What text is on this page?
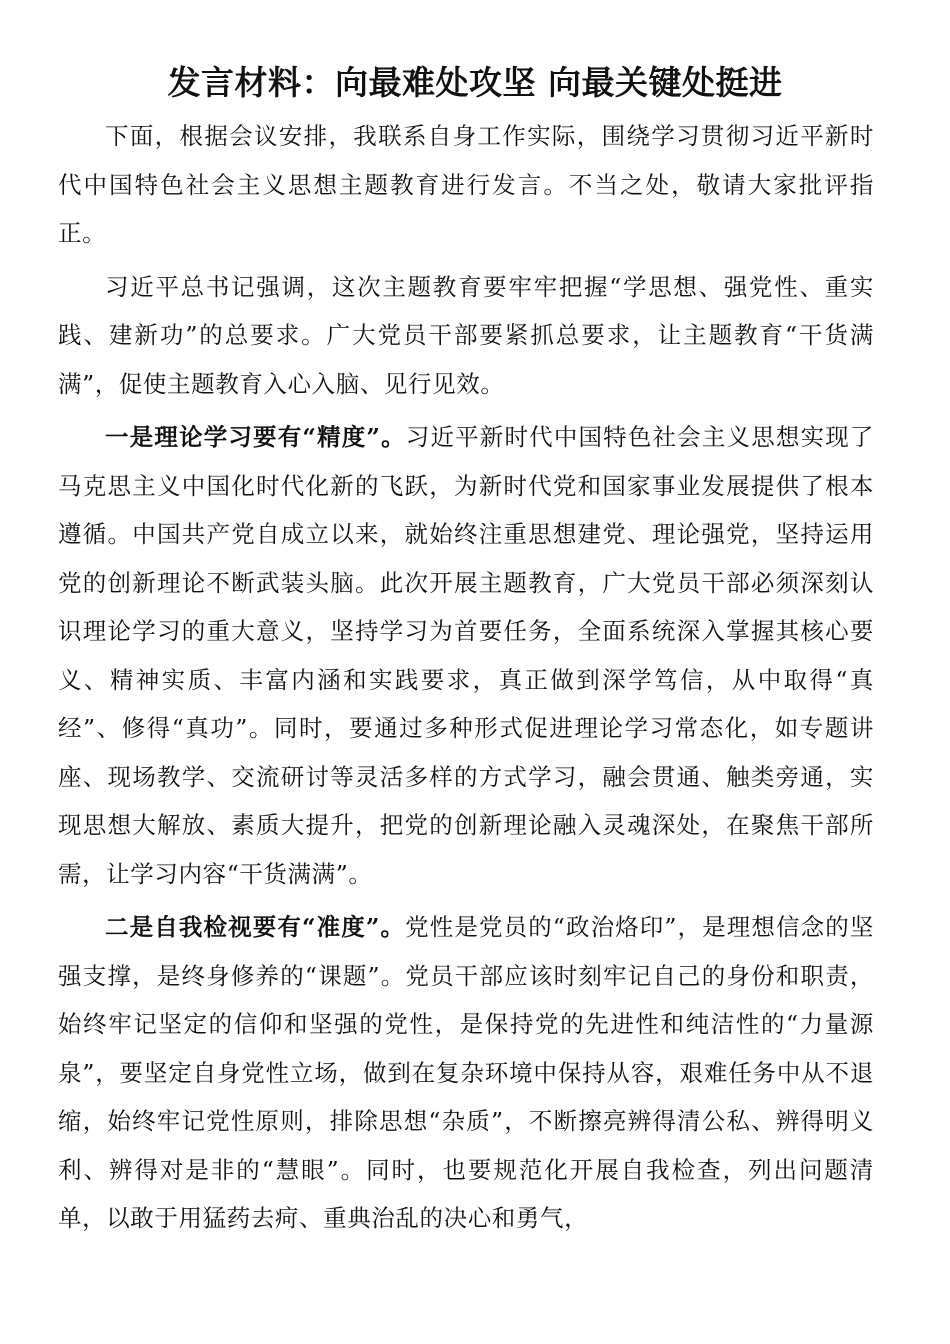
发言材料：向最难处攻坚 向最关键处挺进

下面，根据会议安排，我联系自身工作实际，围绕学习贯彻习近平新时代中国特色社会主义思想主题教育进行发言。不当之处，敬请大家批评指正。

习近平总书记强调，这次主题教育要牢牢把握“学思想、强党性、重实践、建新功”的总要求。广大党员干部要紧抓总要求，让主题教育“干货满满”，促使主题教育入心入脑、见行见效。

一是理论学习要有“精度”。习近平新时代中国特色社会主义思想实现了马克思主义中国化时代化新的飞跃，为新时代党和国家事业发展提供了根本遵循。中国共产党自成立以来，就始终注重思想建党、理论强党，坚持运用党的创新理论不断武装头脑。此次开展主题教育，广大党员干部必须深刻认识理论学习的重大意义，坚持学习为首要任务，全面系统深入掌握其核心要义、精神实质、丰富内涵和实践要求，真正做到深学笃信，从中取得“真经”、修得“真功”。同时，要通过多种形式促进理论学习常态化，如专题讲座、现场教学、交流研讨等灵活多样的方式学习，融会贯通、触类旁通，实现思想大解放、素质大提升，把党的创新理论融入灵魂深处，在聚焦干部所需，让学习内容“干货满满”。

二是自我检视要有“准度”。党性是党员的“政治烙印”，是理想信念的坚强支撑，是终身修养的“课题”。党员干部应该时刻牢记自己的身份和职责，始终牢记坚定的信仰和坚强的党性，是保持党的先进性和纯洁性的“力量源泉”，要坚定自身党性立场，做到在复杂环境中保持从容，艰难任务中从不退缩，始终牢记党性原则，排除思想“杂质”，不断擦亮辨得清公私、辨得明义利、辨得对是非的“慧眼”。同时，也要规范化开展自我检查，列出问题清单，以敢于用猛药去疴、重典治乱的决心和勇气，
